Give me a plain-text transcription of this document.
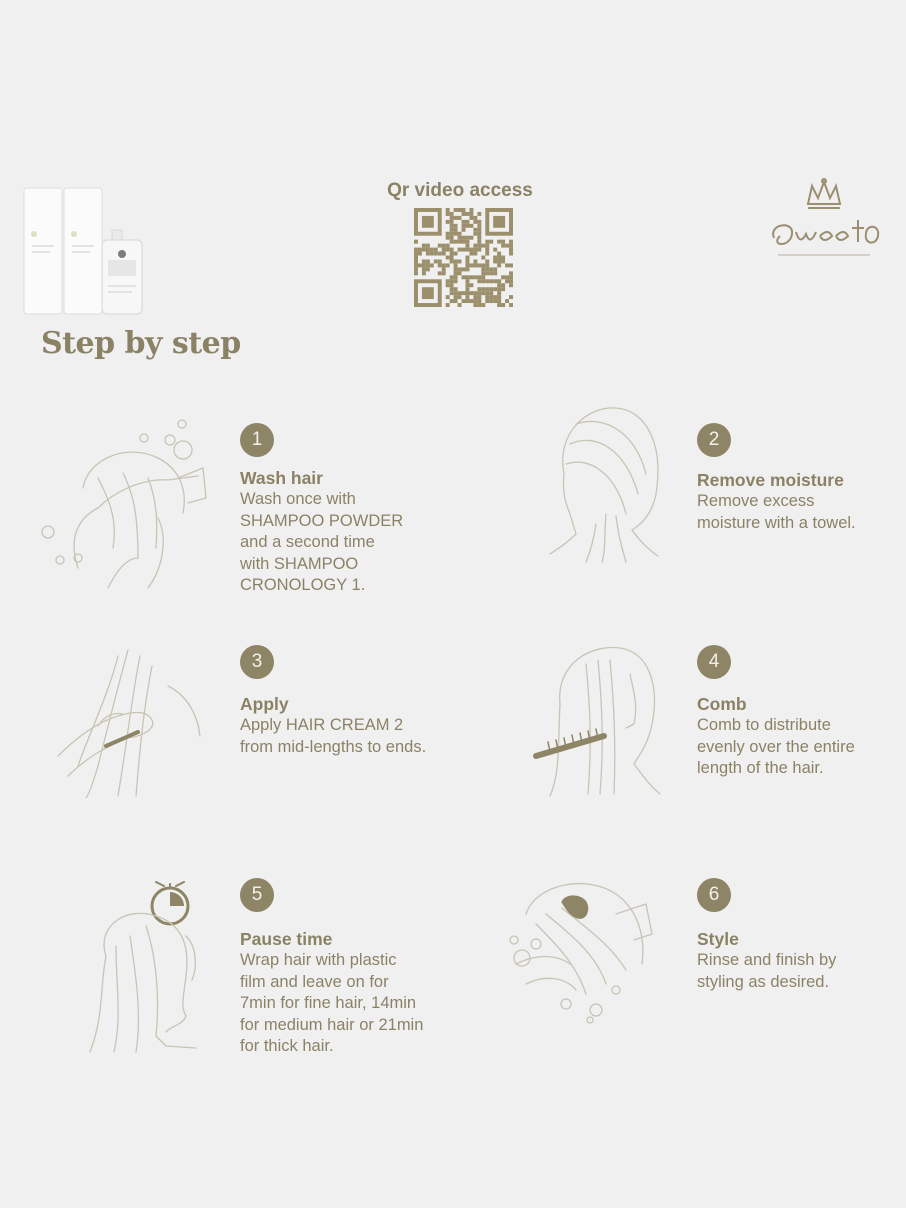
Qr video access
Step by step
1
Wash hair
Wash once with
SHAMPOO POWDER
and a second time
with SHAMPOO
CRONOLOGY 1.
2
Remove moisture
Remove excess
moisture with a towel.
3
Apply
Apply HAIR CREAM 2
from mid-lengths to ends.
4
Comb
Comb to distribute
evenly over the entire
length of the hair.
5
Pause time
Wrap hair with plastic
film and leave on for
7min for fine hair, 14min
for medium hair or 21min
for thick hair.
6
Style
Rinse and finish by
styling as desired.
